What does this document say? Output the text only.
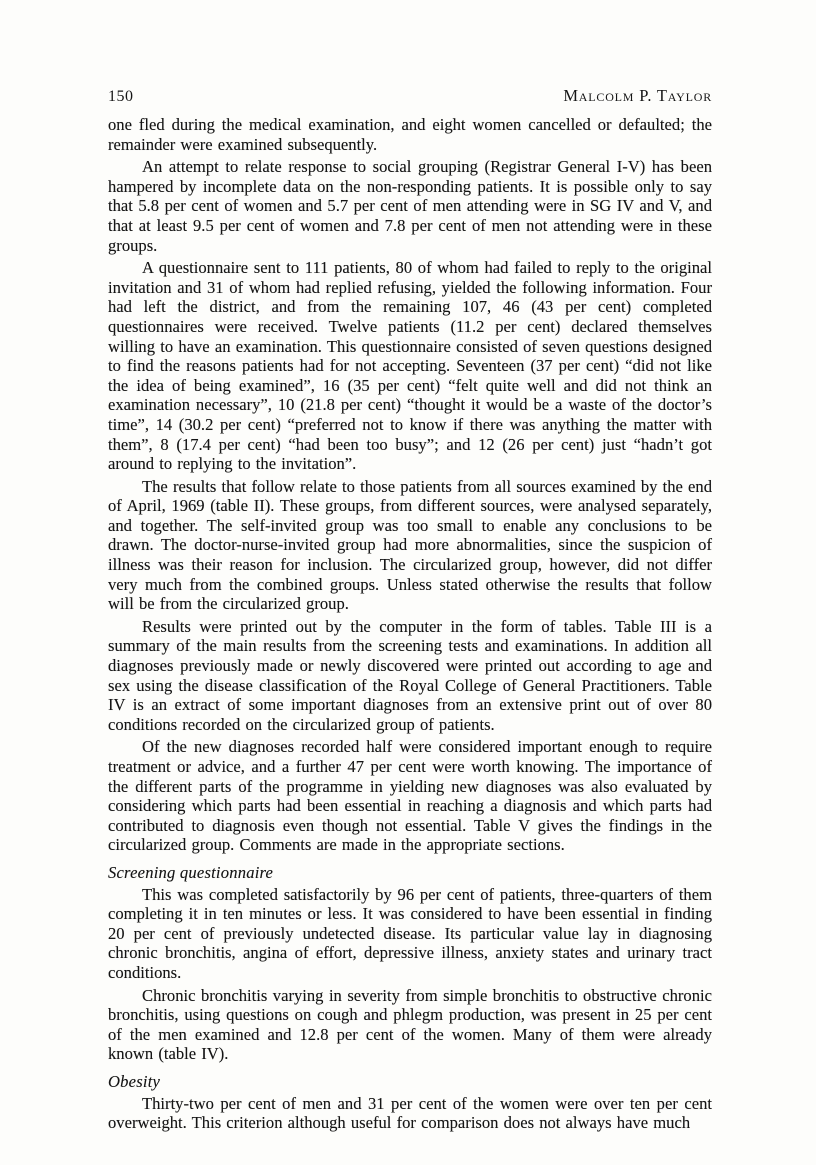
150	Malcolm P. Taylor

one fled during the medical examination, and eight women cancelled or defaulted; the remainder were examined subsequently.

An attempt to relate response to social grouping (Registrar General I-V) has been hampered by incomplete data on the non-responding patients. It is possible only to say that 5.8 per cent of women and 5.7 per cent of men attending were in SG IV and V, and that at least 9.5 per cent of women and 7.8 per cent of men not attending were in these groups.

A questionnaire sent to 111 patients, 80 of whom had failed to reply to the original invitation and 31 of whom had replied refusing, yielded the following information. Four had left the district, and from the remaining 107, 46 (43 per cent) completed questionnaires were received. Twelve patients (11.2 per cent) declared themselves willing to have an examination. This questionnaire consisted of seven questions designed to find the reasons patients had for not accepting. Seventeen (37 per cent) “did not like the idea of being examined”, 16 (35 per cent) “felt quite well and did not think an examination necessary”, 10 (21.8 per cent) “thought it would be a waste of the doctor’s time”, 14 (30.2 per cent) “preferred not to know if there was anything the matter with them”, 8 (17.4 per cent) “had been too busy”; and 12 (26 per cent) just “hadn’t got around to replying to the invitation”.

The results that follow relate to those patients from all sources examined by the end of April, 1969 (table II). These groups, from different sources, were analysed separately, and together. The self-invited group was too small to enable any conclusions to be drawn. The doctor-nurse-invited group had more abnormalities, since the suspicion of illness was their reason for inclusion. The circularized group, however, did not differ very much from the combined groups. Unless stated otherwise the results that follow will be from the circularized group.

Results were printed out by the computer in the form of tables. Table III is a summary of the main results from the screening tests and examinations. In addition all diagnoses previously made or newly discovered were printed out according to age and sex using the disease classification of the Royal College of General Practitioners. Table IV is an extract of some important diagnoses from an extensive print out of over 80 conditions recorded on the circularized group of patients.

Of the new diagnoses recorded half were considered important enough to require treatment or advice, and a further 47 per cent were worth knowing. The importance of the different parts of the programme in yielding new diagnoses was also evaluated by considering which parts had been essential in reaching a diagnosis and which parts had contributed to diagnosis even though not essential. Table V gives the findings in the circularized group. Comments are made in the appropriate sections.

Screening questionnaire

This was completed satisfactorily by 96 per cent of patients, three-quarters of them completing it in ten minutes or less. It was considered to have been essential in finding 20 per cent of previously undetected disease. Its particular value lay in diagnosing chronic bronchitis, angina of effort, depressive illness, anxiety states and urinary tract conditions.

Chronic bronchitis varying in severity from simple bronchitis to obstructive chronic bronchitis, using questions on cough and phlegm production, was present in 25 per cent of the men examined and 12.8 per cent of the women. Many of them were already known (table IV).

Obesity

Thirty-two per cent of men and 31 per cent of the women were over ten per cent overweight. This criterion although useful for comparison does not always have much
